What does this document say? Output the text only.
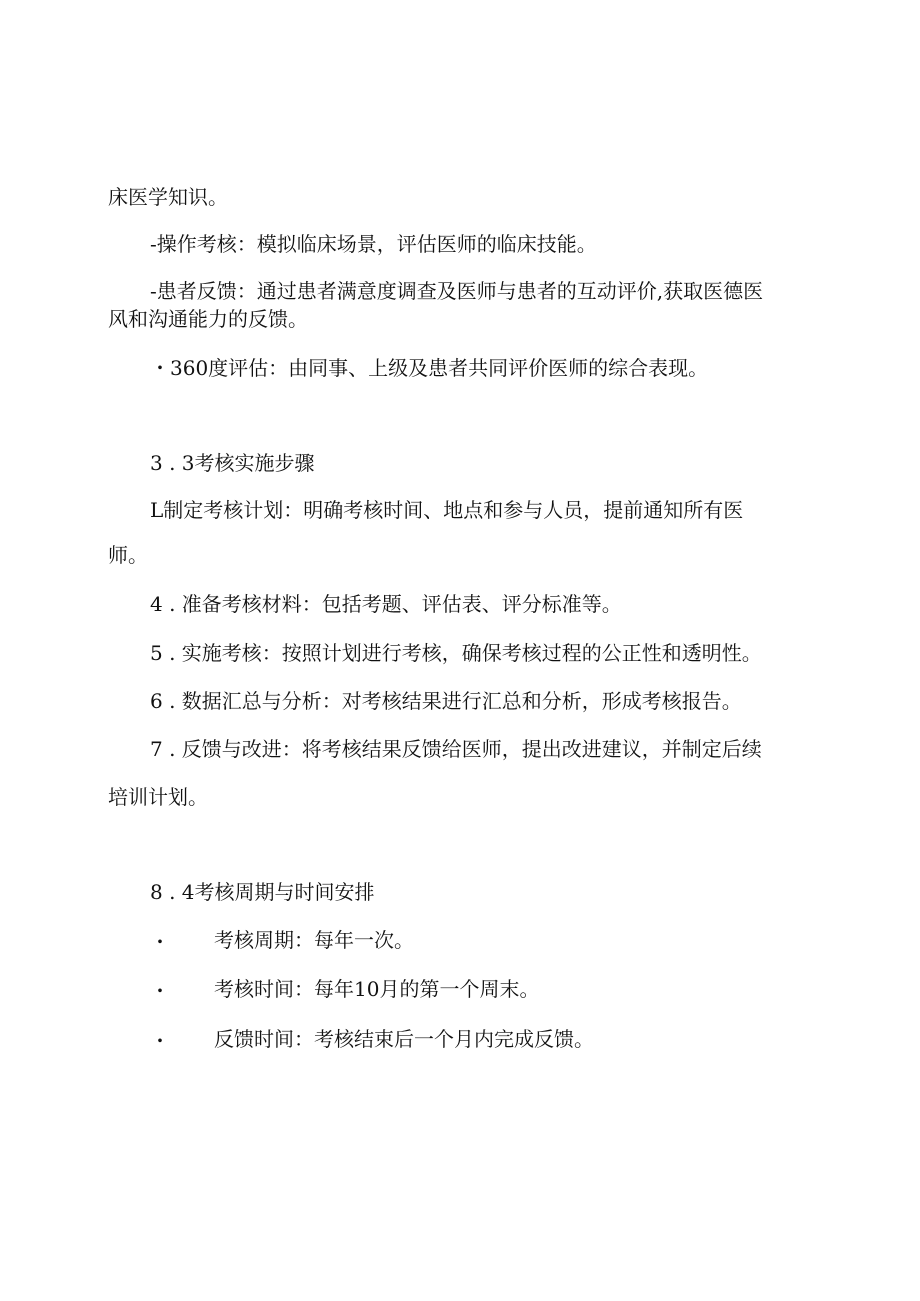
床医学知识。
-操作考核：模拟临床场景，评估医师的临床技能。
-患者反馈：通过患者满意度调查及医师与患者的互动评价,获取医德医
风和沟通能力的反馈。
・360度评估：由同事、上级及患者共同评价医师的综合表现。
3 . 3考核实施步骤
L制定考核计划：明确考核时间、地点和参与人员，提前通知所有医
师。
4 . 准备考核材料：包括考题、评估表、评分标准等。
5 . 实施考核：按照计划进行考核，确保考核过程的公正性和透明性。
6 . 数据汇总与分析：对考核结果进行汇总和分析，形成考核报告。
7 . 反馈与改进：将考核结果反馈给医师，提出改进建议，并制定后续
培训计划。
8 . 4考核周期与时间安排
・ 考核周期：每年一次。
・ 考核时间：每年10月的第一个周末。
・ 反馈时间：考核结束后一个月内完成反馈。
